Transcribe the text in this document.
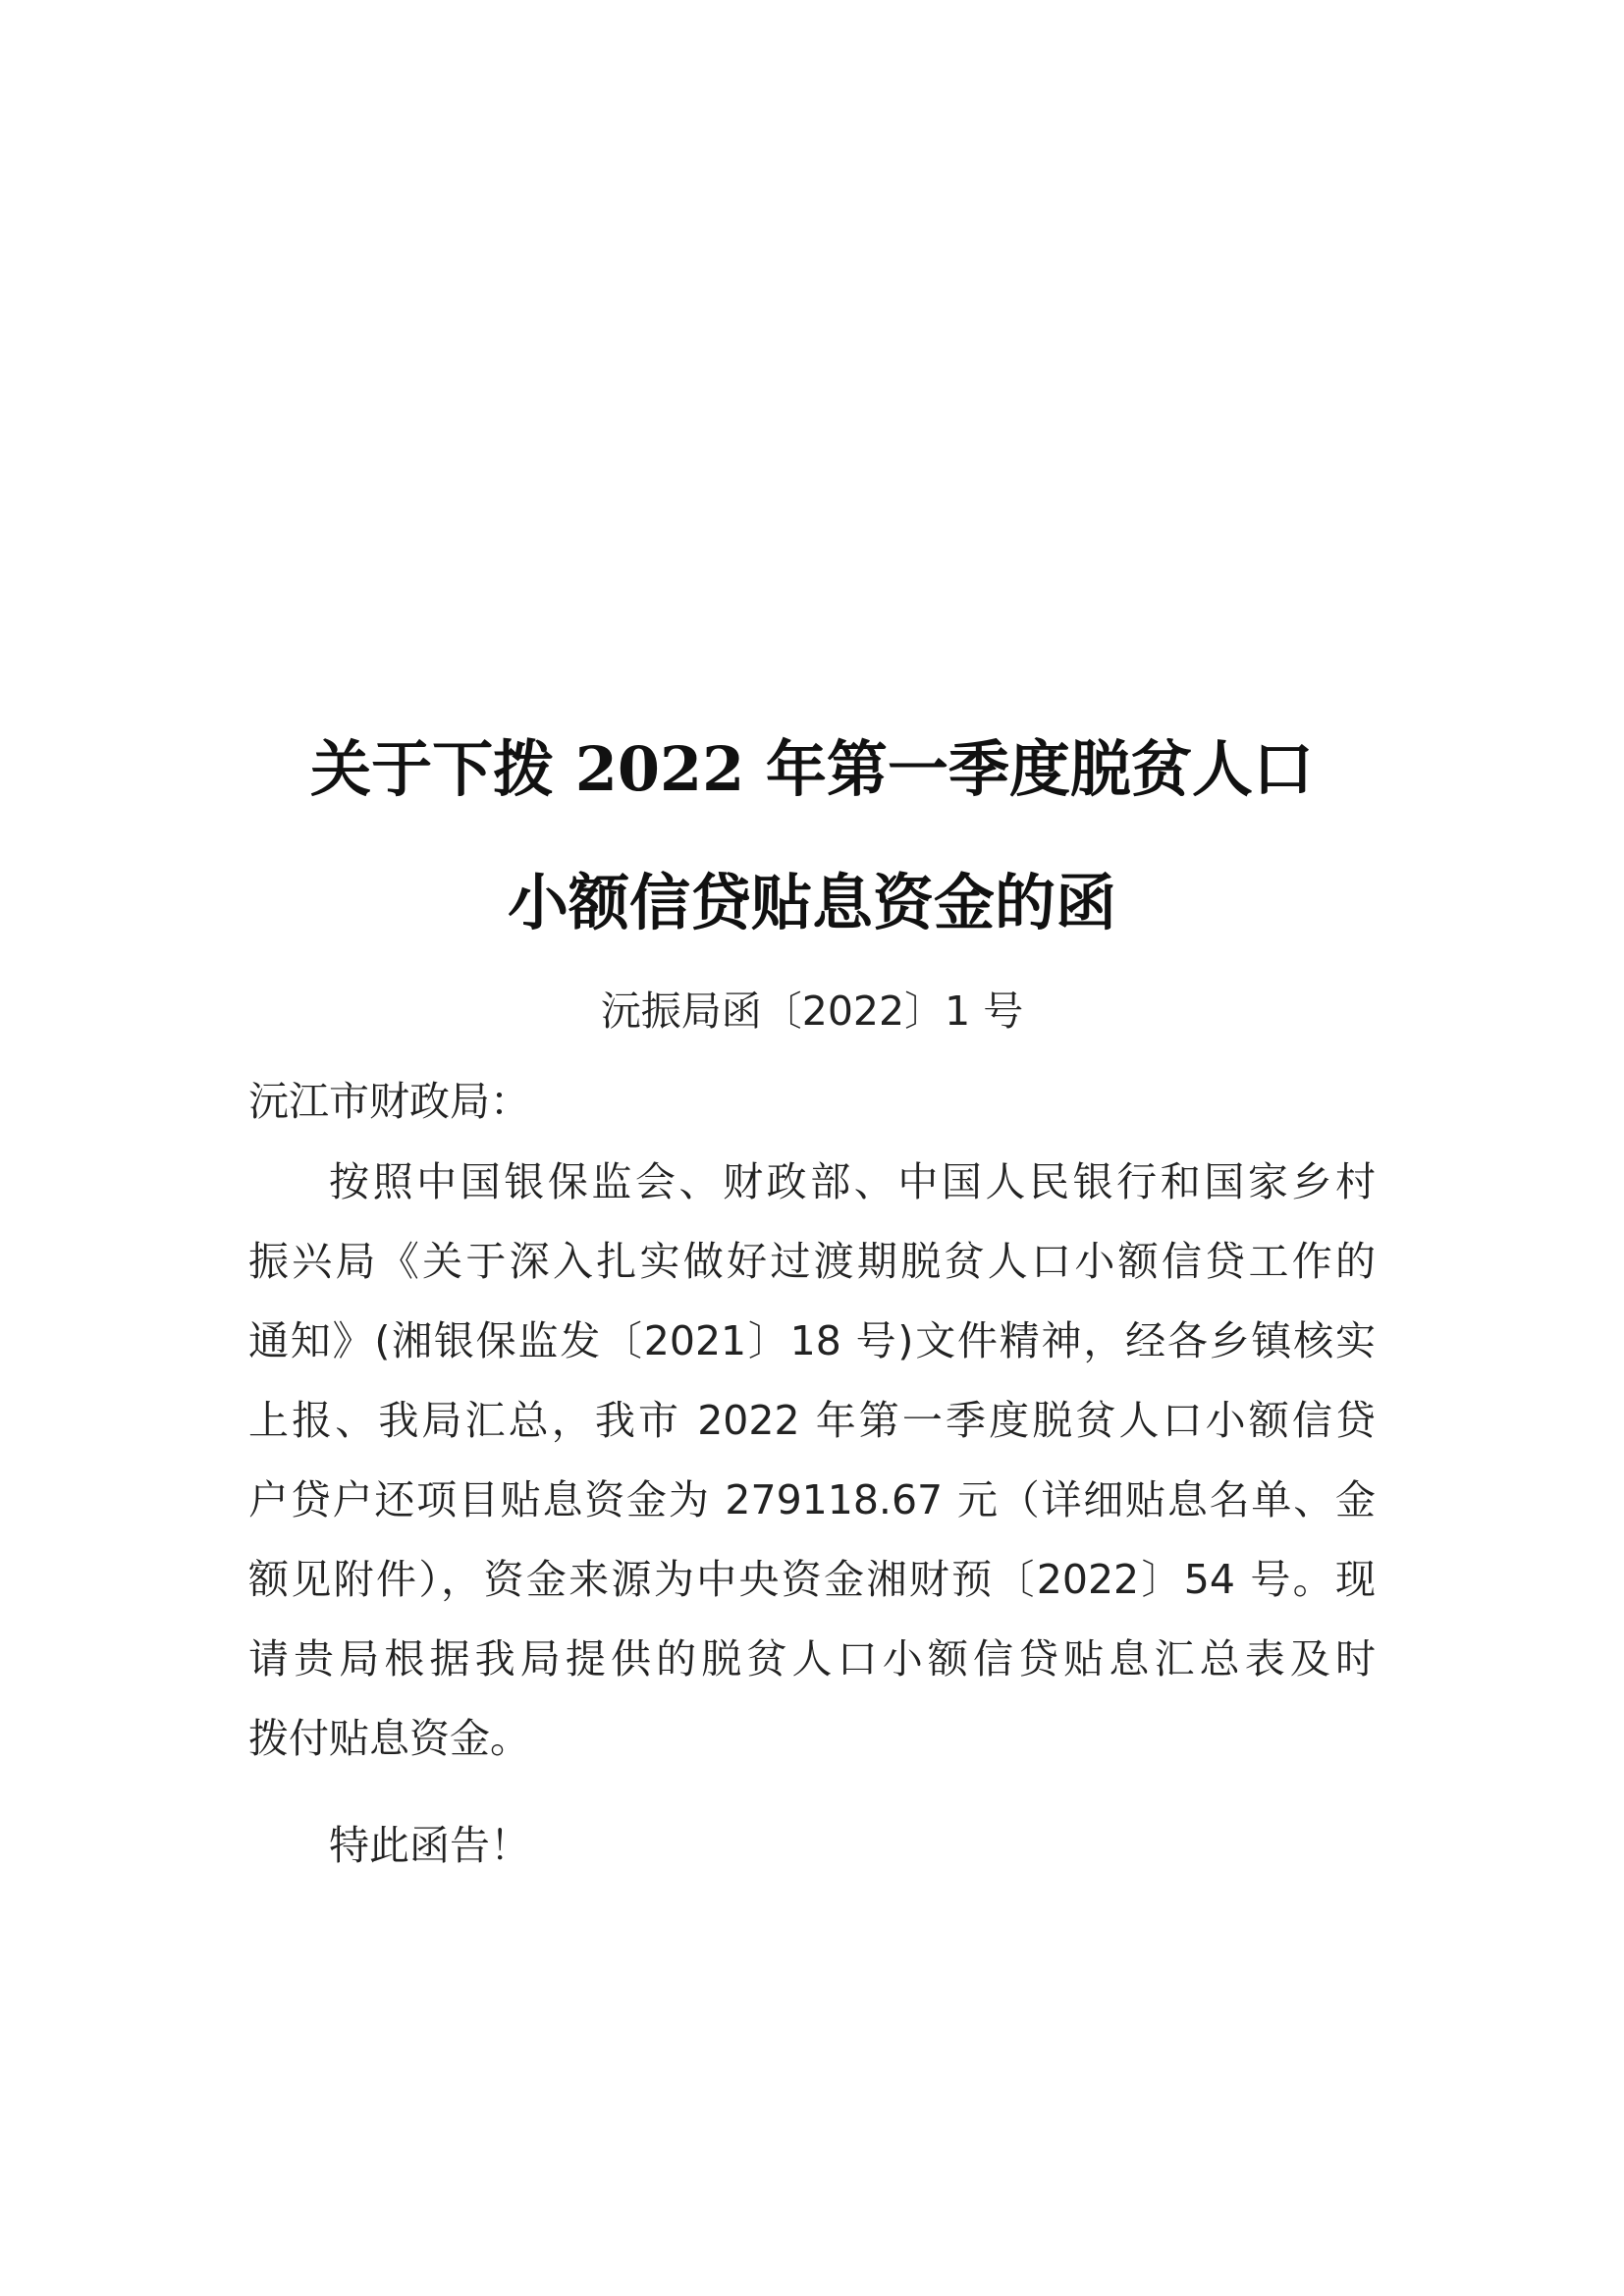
关于下拨 2022 年第一季度脱贫人口
小额信贷贴息资金的函
沅振局函〔2022〕1 号
沅江市财政局：
按照中国银保监会、财政部、中国人民银行和国家乡村
振兴局《关于深入扎实做好过渡期脱贫人口小额信贷工作的
通知》(湘银保监发〔2021〕18 号)文件精神，经各乡镇核实
上报、我局汇总，我市 2022 年第一季度脱贫人口小额信贷
户贷户还项目贴息资金为 279118.67 元（详细贴息名单、金
额见附件），资金来源为中央资金湘财预〔2022〕54 号。现
请贵局根据我局提供的脱贫人口小额信贷贴息汇总表及时
拨付贴息资金。
特此函告！
